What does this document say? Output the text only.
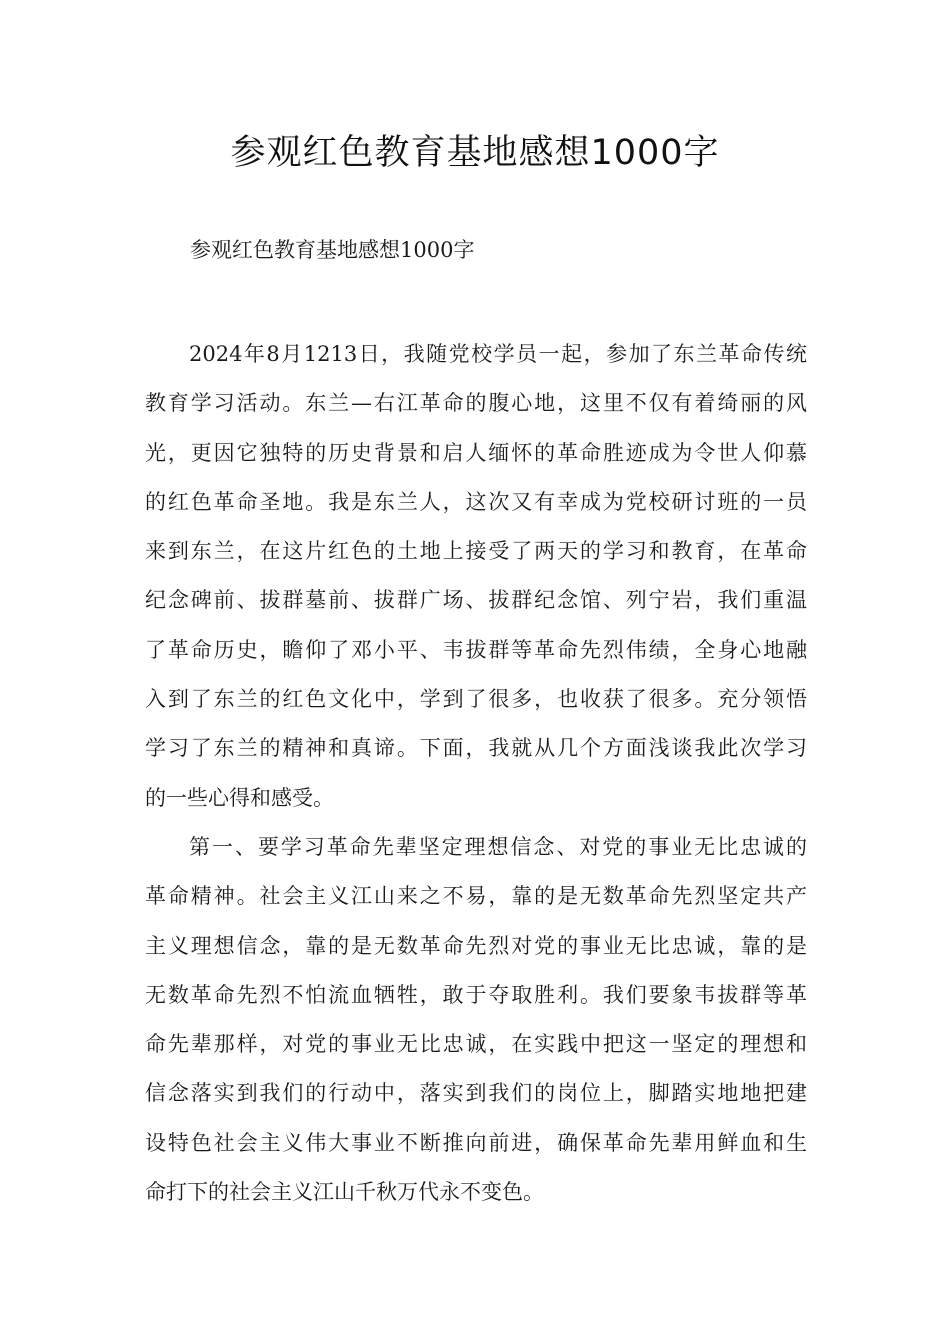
参观红色教育基地感想1000字

参观红色教育基地感想1000字

2024年8月1213日，我随党校学员一起，参加了东兰革命传统
教育学习活动。东兰—右江革命的腹心地，这里不仅有着绮丽的风
光，更因它独特的历史背景和启人缅怀的革命胜迹成为令世人仰慕
的红色革命圣地。我是东兰人，这次又有幸成为党校研讨班的一员
来到东兰，在这片红色的土地上接受了两天的学习和教育，在革命
纪念碑前、拔群墓前、拔群广场、拔群纪念馆、列宁岩，我们重温
了革命历史，瞻仰了邓小平、韦拔群等革命先烈伟绩，全身心地融
入到了东兰的红色文化中，学到了很多，也收获了很多。充分领悟
学习了东兰的精神和真谛。下面，我就从几个方面浅谈我此次学习
的一些心得和感受。

第一、要学习革命先辈坚定理想信念、对党的事业无比忠诚的
革命精神。社会主义江山来之不易，靠的是无数革命先烈坚定共产
主义理想信念，靠的是无数革命先烈对党的事业无比忠诚，靠的是
无数革命先烈不怕流血牺牲，敢于夺取胜利。我们要象韦拔群等革
命先辈那样，对党的事业无比忠诚，在实践中把这一坚定的理想和
信念落实到我们的行动中，落实到我们的岗位上，脚踏实地地把建
设特色社会主义伟大事业不断推向前进，确保革命先辈用鲜血和生
命打下的社会主义江山千秋万代永不变色。
